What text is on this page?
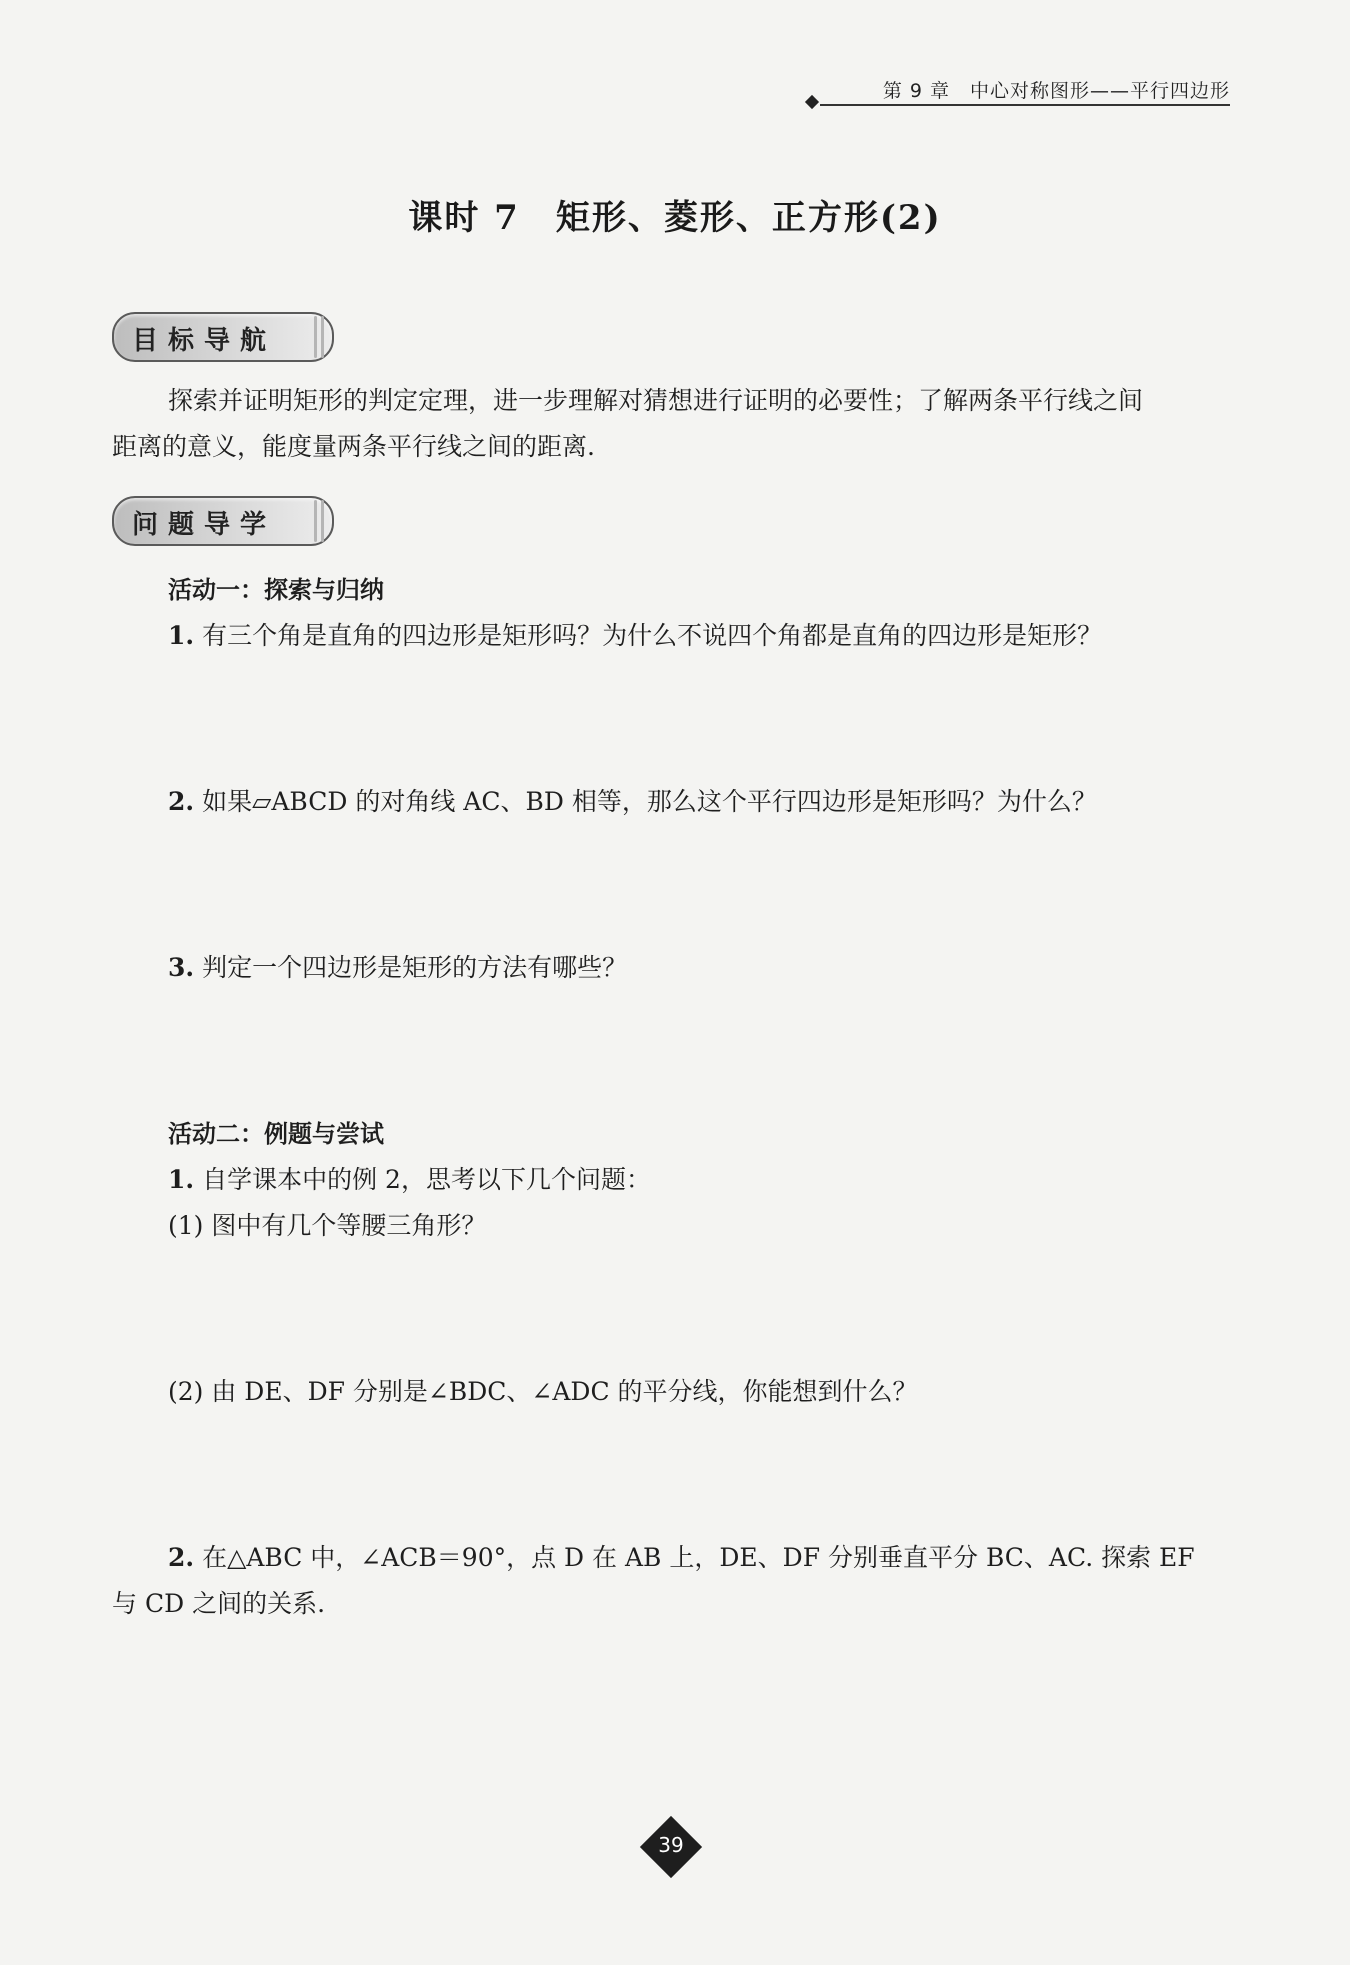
第 9 章　中心对称图形——平行四边形
课时 7　矩形、菱形、正方形(2)
目标导航
探索并证明矩形的判定定理，进一步理解对猜想进行证明的必要性；了解两条平行线之间
距离的意义，能度量两条平行线之间的距离.
问题导学
活动一：探索与归纳
1. 有三个角是直角的四边形是矩形吗？为什么不说四个角都是直角的四边形是矩形？
2. 如果▱ABCD 的对角线 AC、BD 相等，那么这个平行四边形是矩形吗？为什么？
3. 判定一个四边形是矩形的方法有哪些？
活动二：例题与尝试
1. 自学课本中的例 2，思考以下几个问题：
(1) 图中有几个等腰三角形？
(2) 由 DE、DF 分别是∠BDC、∠ADC 的平分线，你能想到什么？
2. 在△ABC 中，∠ACB＝90°，点 D 在 AB 上，DE、DF 分别垂直平分 BC、AC. 探索 EF
与 CD 之间的关系.
39
